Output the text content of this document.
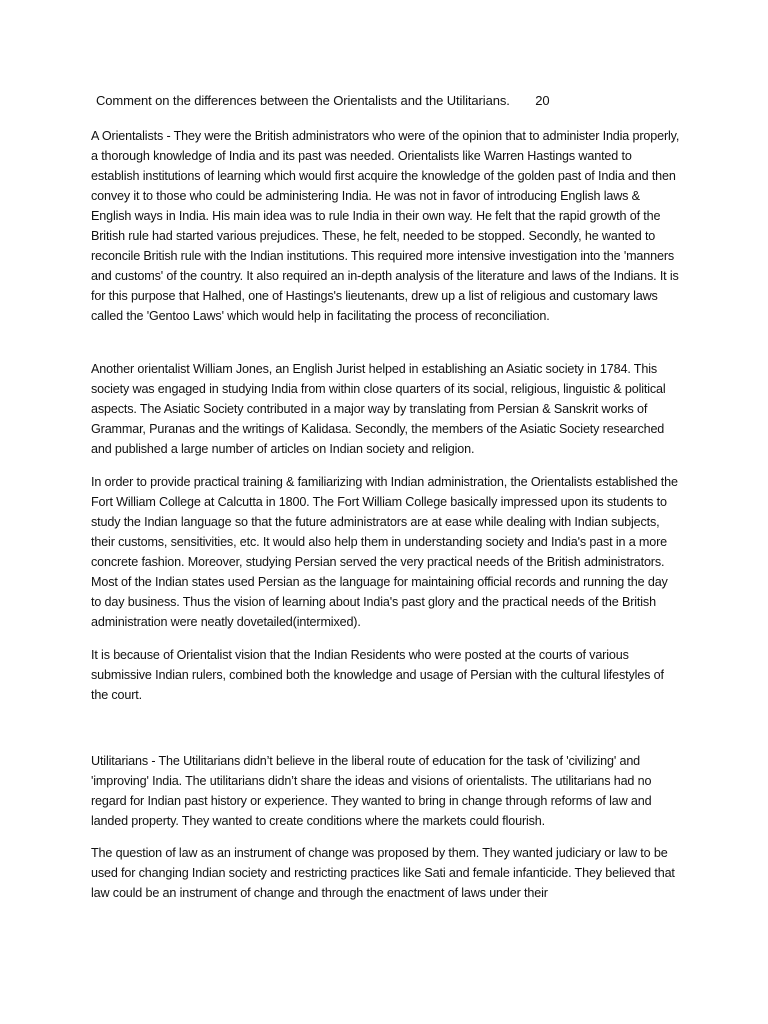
Comment on the differences between the Orientalists and the Utilitarians. 20

A Orientalists - They were the British administrators who were of the opinion that to administer India properly, a thorough knowledge of India and its past was needed. Orientalists like Warren Hastings wanted to establish institutions of learning which would first acquire the knowledge of the golden past of India and then convey it to those who could be administering India. He was not in favor of introducing English laws & English ways in India. His main idea was to rule India in their own way. He felt that the rapid growth of the British rule had started various prejudices. These, he felt, needed to be stopped. Secondly, he wanted to reconcile British rule with the Indian institutions. This required more intensive investigation into the 'manners and customs' of the country. It also required an in-depth analysis of the literature and laws of the Indians. It is for this purpose that Halhed, one of Hastings's lieutenants, drew up a list of religious and customary laws called the 'Gentoo Laws' which would help in facilitating the process of reconciliation.

Another orientalist William Jones, an English Jurist helped in establishing an Asiatic society in 1784. This society was engaged in studying India from within close quarters of its social, religious, linguistic & political aspects. The Asiatic Society contributed in a major way by translating from Persian & Sanskrit works of Grammar, Puranas and the writings of Kalidasa. Secondly, the members of the Asiatic Society researched and published a large number of articles on Indian society and religion.

In order to provide practical training & familiarizing with Indian administration, the Orientalists established the Fort William College at Calcutta in 1800. The Fort William College basically impressed upon its students to study the Indian language so that the future administrators are at ease while dealing with Indian subjects, their customs, sensitivities, etc. It would also help them in understanding society and India's past in a more concrete fashion. Moreover, studying Persian served the very practical needs of the British administrators. Most of the Indian states used Persian as the language for maintaining official records and running the day to day business. Thus the vision of learning about India's past glory and the practical needs of the British administration were neatly dovetailed(intermixed).

It is because of Orientalist vision that the Indian Residents who were posted at the courts of various submissive Indian rulers, combined both the knowledge and usage of Persian with the cultural lifestyles of the court.

Utilitarians - The Utilitarians didn’t believe in the liberal route of education for the task of 'civilizing' and 'improving' India. The utilitarians didn’t share the ideas and visions of orientalists. The utilitarians had no regard for Indian past history or experience. They wanted to bring in change through reforms of law and landed property. They wanted to create conditions where the markets could flourish.

The question of law as an instrument of change was proposed by them. They wanted judiciary or law to be used for changing Indian society and restricting practices like Sati and female infanticide. They believed that law could be an instrument of change and through the enactment of laws under their
